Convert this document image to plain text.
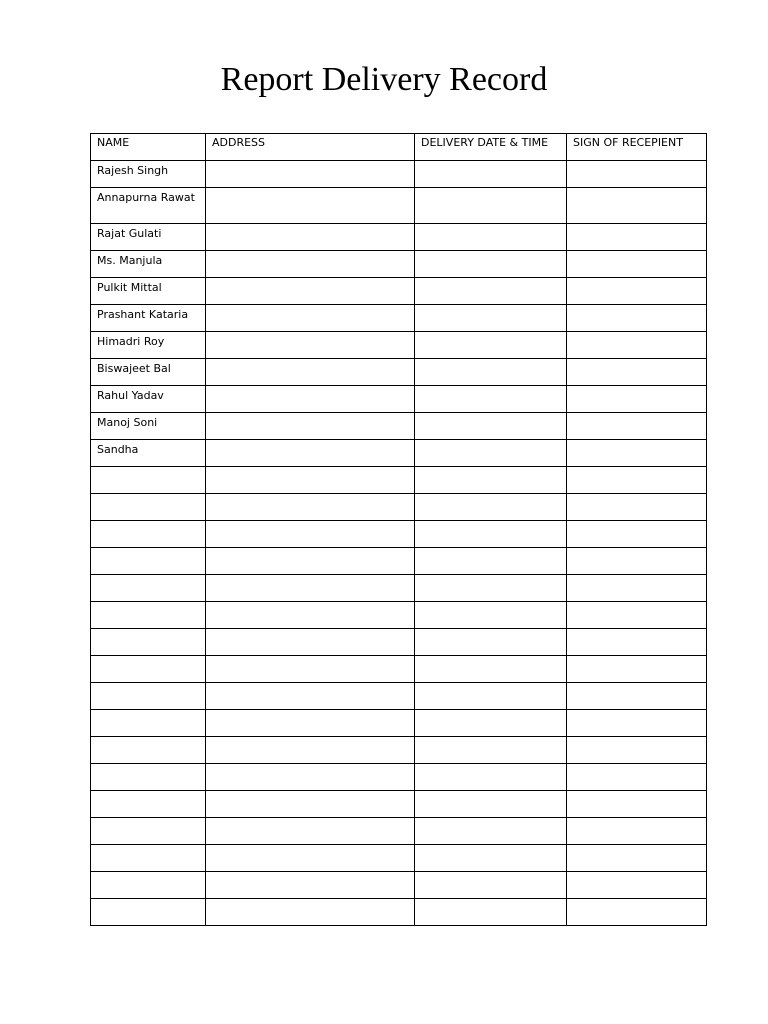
Report Delivery Record
NAME	ADDRESS	DELIVERY DATE & TIME	SIGN OF RECEPIENT
Rajesh Singh			
Annapurna Rawat			
Rajat Gulati			
Ms. Manjula			
Pulkit Mittal			
Prashant Kataria			
Himadri Roy			
Biswajeet Bal			
Rahul Yadav			
Manoj Soni			
Sandha			
